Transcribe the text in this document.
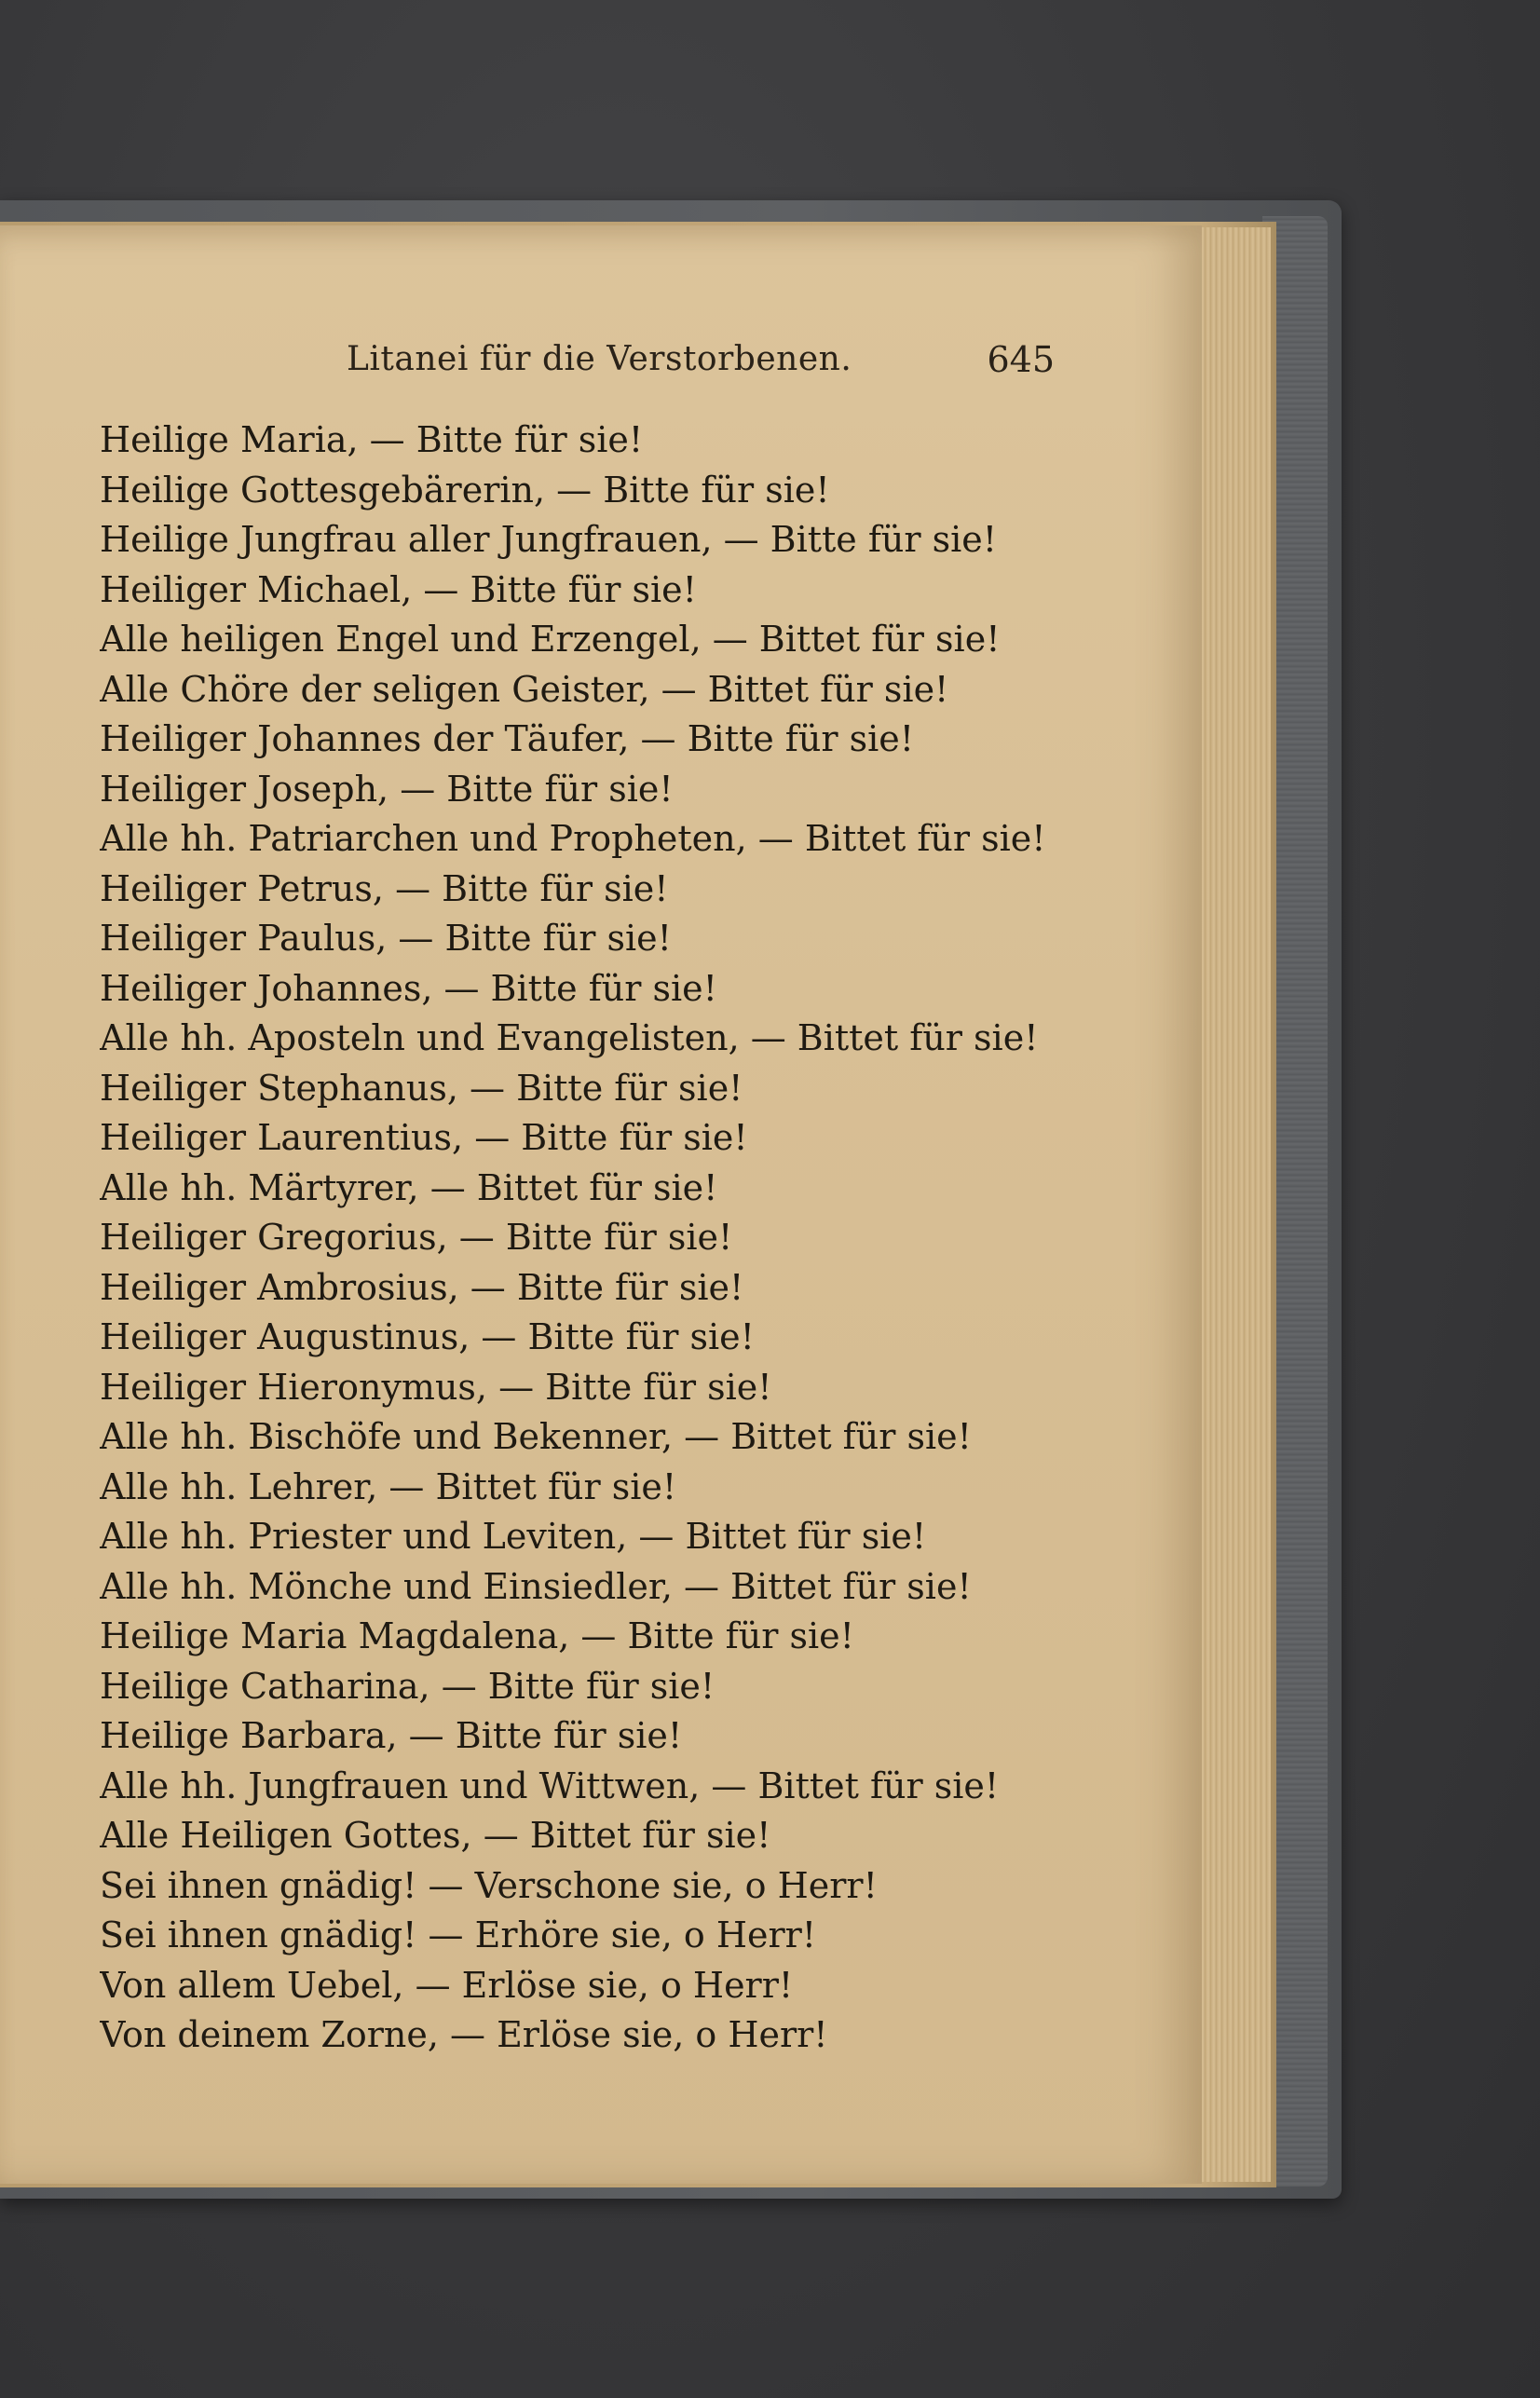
Litanei für die Verstorbenen.	645
Heilige Maria, — Bitte für sie!
Heilige Gottesgebärerin, — Bitte für sie!
Heilige Jungfrau aller Jungfrauen, — Bitte für sie!
Heiliger Michael, — Bitte für sie!
Alle heiligen Engel und Erzengel, — Bittet für sie!
Alle Chöre der seligen Geister, — Bittet für sie!
Heiliger Johannes der Täufer, — Bitte für sie!
Heiliger Joseph, — Bitte für sie!
Alle hh. Patriarchen und Propheten, — Bittet für sie!
Heiliger Petrus, — Bitte für sie!
Heiliger Paulus, — Bitte für sie!
Heiliger Johannes, — Bitte für sie!
Alle hh. Aposteln und Evangelisten, — Bittet für sie!
Heiliger Stephanus, — Bitte für sie!
Heiliger Laurentius, — Bitte für sie!
Alle hh. Märtyrer, — Bittet für sie!
Heiliger Gregorius, — Bitte für sie!
Heiliger Ambrosius, — Bitte für sie!
Heiliger Augustinus, — Bitte für sie!
Heiliger Hieronymus, — Bitte für sie!
Alle hh. Bischöfe und Bekenner, — Bittet für sie!
Alle hh. Lehrer, — Bittet für sie!
Alle hh. Priester und Leviten, — Bittet für sie!
Alle hh. Mönche und Einsiedler, — Bittet für sie!
Heilige Maria Magdalena, — Bitte für sie!
Heilige Catharina, — Bitte für sie!
Heilige Barbara, — Bitte für sie!
Alle hh. Jungfrauen und Wittwen, — Bittet für sie!
Alle Heiligen Gottes, — Bittet für sie!
Sei ihnen gnädig! — Verschone sie, o Herr!
Sei ihnen gnädig! — Erhöre sie, o Herr!
Von allem Uebel, — Erlöse sie, o Herr!
Von deinem Zorne, — Erlöse sie, o Herr!
